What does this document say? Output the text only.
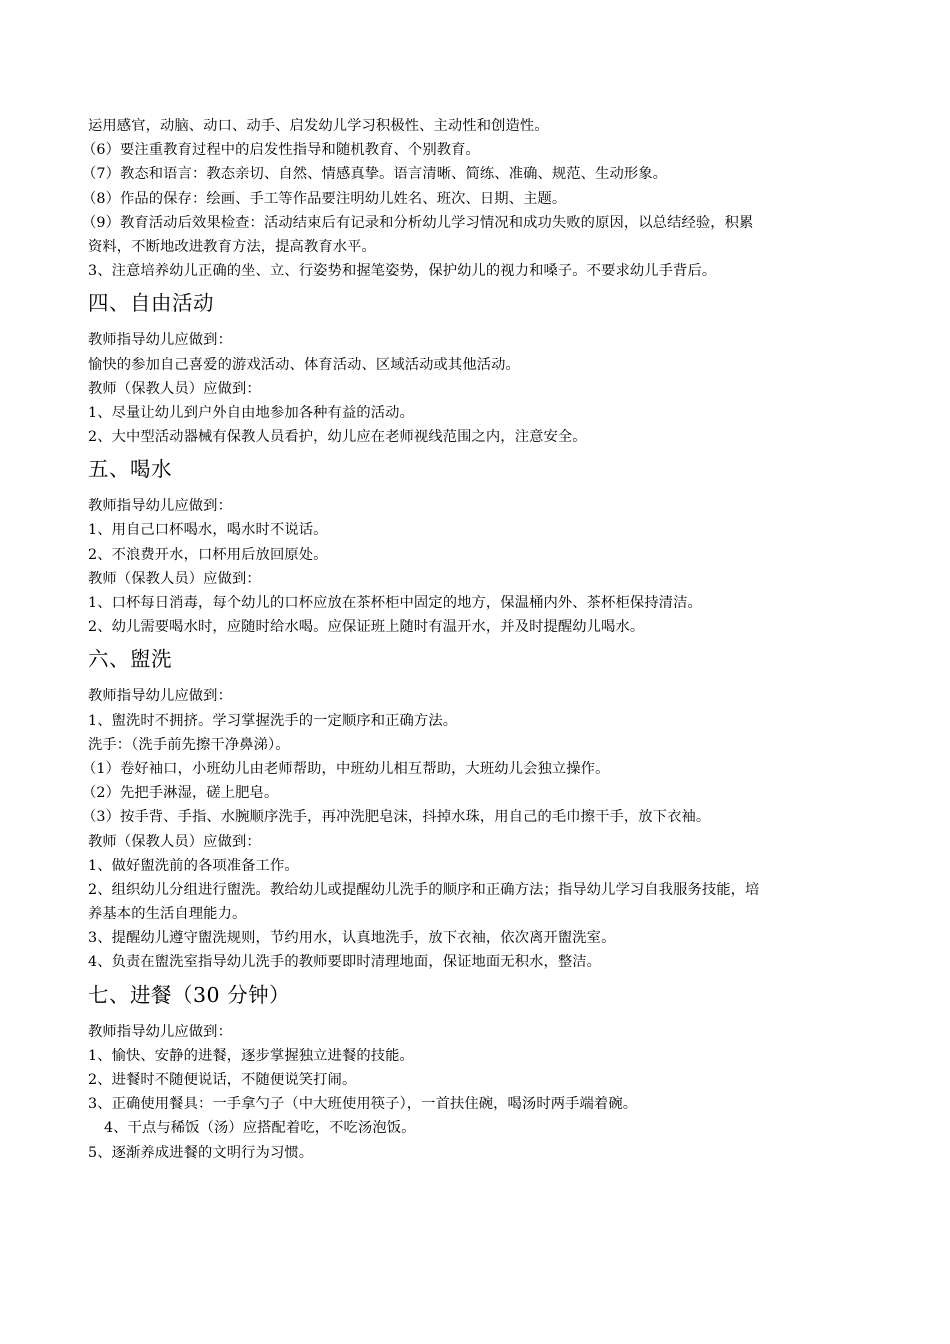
运用感官，动脑、动口、动手、启发幼儿学习积极性、主动性和创造性。
（6）要注重教育过程中的启发性指导和随机教育、个别教育。
（7）教态和语言：教态亲切、自然、情感真挚。语言清晰、简练、准确、规范、生动形象。
（8）作品的保存：绘画、手工等作品要注明幼儿姓名、班次、日期、主题。
（9）教育活动后效果检查：活动结束后有记录和分析幼儿学习情况和成功失败的原因，以总结经验，积累
资料，不断地改进教育方法，提高教育水平。
3、注意培养幼儿正确的坐、立、行姿势和握笔姿势，保护幼儿的视力和嗓子。不要求幼儿手背后。
四、自由活动
教师指导幼儿应做到：
愉快的参加自己喜爱的游戏活动、体育活动、区域活动或其他活动。
教师（保教人员）应做到：
1、尽量让幼儿到户外自由地参加各种有益的活动。
2、大中型活动器械有保教人员看护，幼儿应在老师视线范围之内，注意安全。
五、喝水
教师指导幼儿应做到：
1、用自己口杯喝水，喝水时不说话。
2、不浪费开水，口杯用后放回原处。
教师（保教人员）应做到：
1、口杯每日消毒，每个幼儿的口杯应放在茶杯柜中固定的地方，保温桶内外、茶杯柜保持清洁。
2、幼儿需要喝水时，应随时给水喝。应保证班上随时有温开水，并及时提醒幼儿喝水。
六、盥洗
教师指导幼儿应做到：
1、盥洗时不拥挤。学习掌握洗手的一定顺序和正确方法。
洗手：（洗手前先擦干净鼻涕）。
（1）卷好袖口，小班幼儿由老师帮助，中班幼儿相互帮助，大班幼儿会独立操作。
（2）先把手淋湿，磋上肥皂。
（3）按手背、手指、水腕顺序洗手，再冲洗肥皂沫，抖掉水珠，用自己的毛巾擦干手，放下衣袖。
教师（保教人员）应做到：
1、做好盥洗前的各项准备工作。
2、组织幼儿分组进行盥洗。教给幼儿或提醒幼儿洗手的顺序和正确方法；指导幼儿学习自我服务技能，培
养基本的生活自理能力。
3、提醒幼儿遵守盥洗规则，节约用水，认真地洗手，放下衣袖，依次离开盥洗室。
4、负责在盥洗室指导幼儿洗手的教师要即时清理地面，保证地面无积水，整洁。
七、进餐（30 分钟）
教师指导幼儿应做到：
1、愉快、安静的进餐，逐步掌握独立进餐的技能。
2、进餐时不随便说话，不随便说笑打闹。
3、正确使用餐具：一手拿勺子（中大班使用筷子），一首扶住碗，喝汤时两手端着碗。
4、干点与稀饭（汤）应搭配着吃，不吃汤泡饭。
5、逐渐养成进餐的文明行为习惯。
